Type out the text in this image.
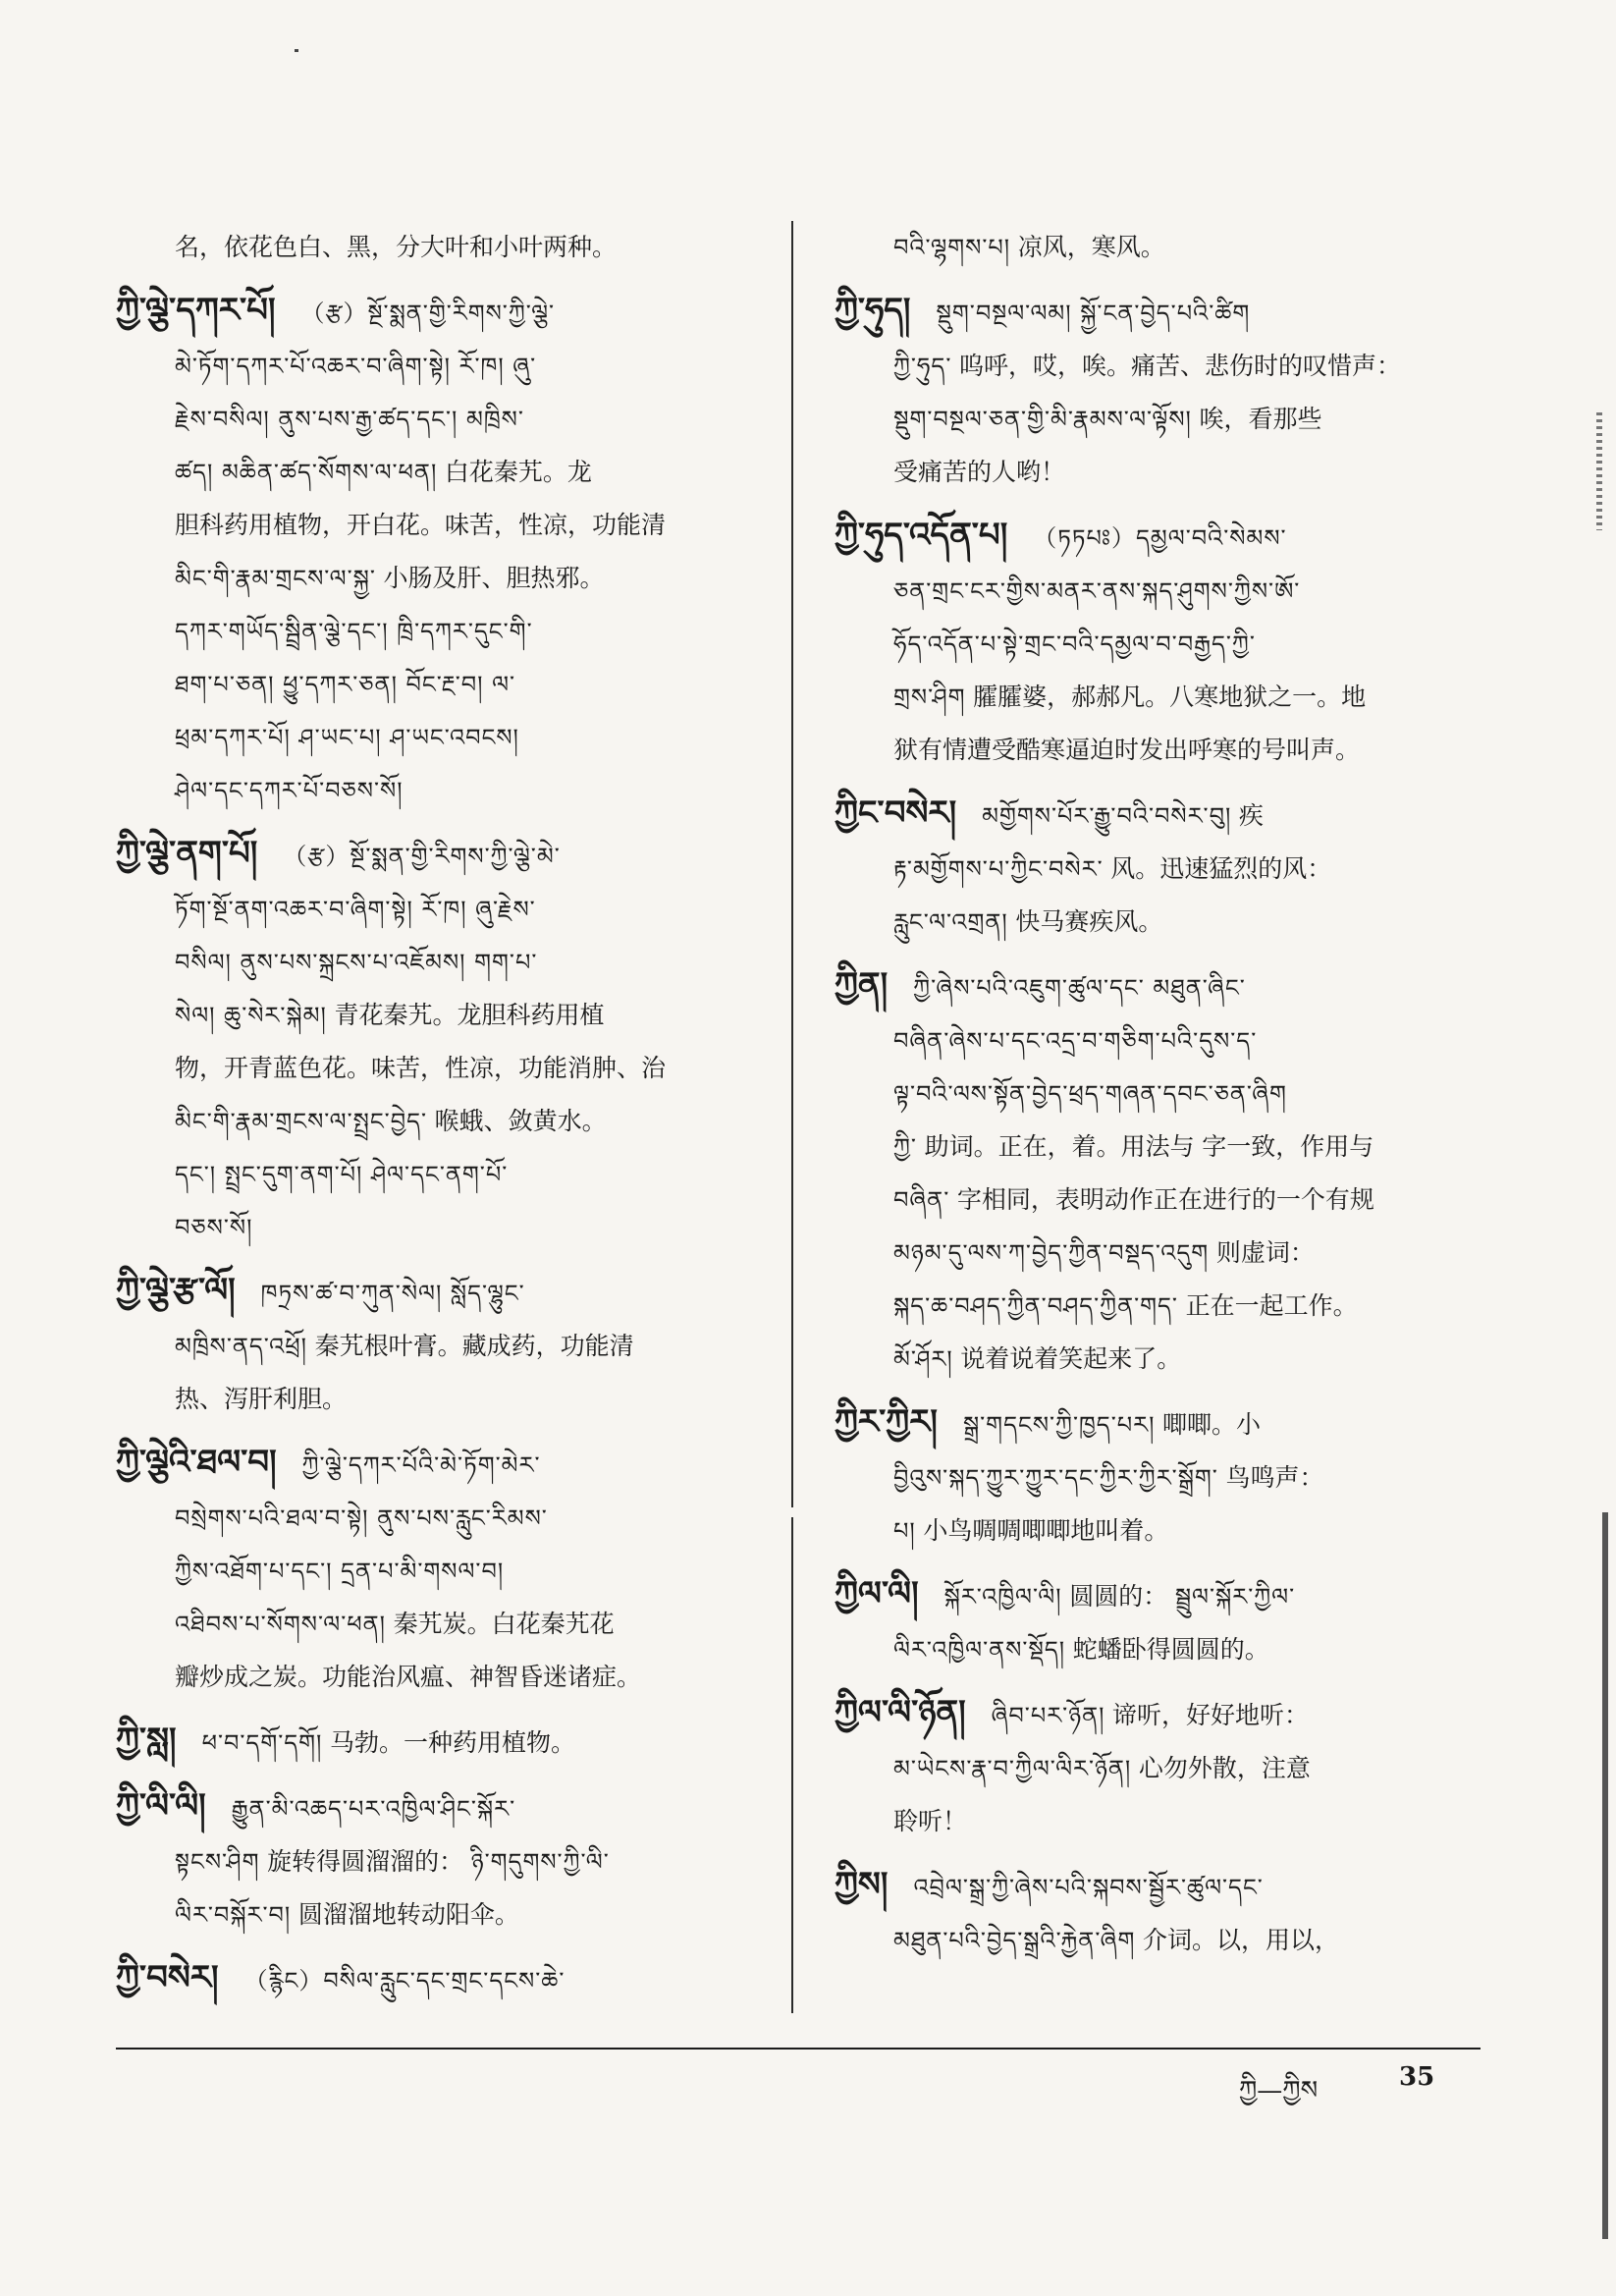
名，依花色白、黑，分大叶和小叶两种。
ཀྱི་ལྕེ་དཀར་པོ། （རྩ）སྔོ་སྨན་གྱི་རིགས་ཀྱི་ལྕེ་
མེ་ཏོག་དཀར་པོ་འཆར་བ་ཞིག་སྟེ། རོ་ཁ། ཞུ་
རྗེས་བསིལ། ནུས་པས་རྒྱ་ཚད་དང་། མཁྲིས་
ཚད། མཆིན་ཚད་སོགས་ལ་ཕན། 白花秦艽。龙
胆科药用植物，开白花。味苦，性凉，功能清
མིང་གི་རྣམ་གྲངས་ལ་སྐྱ་ 小肠及肝、胆热邪。
དཀར་གཡོད་སྦྲིན་ལྕེ་དང་། ཁྲི་དཀར་དུང་གི་
ཐག་པ་ཅན། ཕྱུ་དཀར་ཅན། བོང་རྔ་བ། ལ་
ཕྲམ་དཀར་པོ། ཤ་ཡང་པ། ཤ་ཡང་འབངས།
ཤེལ་དང་དཀར་པོ་བཅས་སོ།
ཀྱི་ལྕེ་ནག་པོ། （རྩ）སྔོ་སྨན་གྱི་རིགས་ཀྱི་ལྕེ་མེ་
ཏོག་སྔོ་ནག་འཆར་བ་ཞིག་སྟེ། རོ་ཁ། ཞུ་རྗེས་
བསིལ། ནུས་པས་སྐྲངས་པ་འཇོམས། གག་པ་
སེལ། ཆུ་སེར་སྐེམ། 青花秦艽。龙胆科药用植
物，开青蓝色花。味苦，性凉，功能消肿、治
མིང་གི་རྣམ་གྲངས་ལ་སྤྲང་བྱེད་ 喉蛾、敛黄水。
དང་། སྤྲང་དུག་ནག་པོ། ཤེལ་དང་ནག་པོ་
བཅས་སོ།
ཀྱི་ལྕེ་རྩ་ལོ། ཁཏྲས་ཚ་བ་ཀུན་སེལ། སློད་ལྷུང་
མཁྲིས་ནད་འཕྲོ། 秦艽根叶膏。藏成药，功能清
热、泻肝利胆。
ཀྱི་ལྕེའི་ཐལ་བ། ཀྱི་ལྕེ་དཀར་པོའི་མེ་ཏོག་མེར་
བསྲེགས་པའི་ཐལ་བ་སྟེ། ནུས་པས་རླུང་རིམས་
ཀྱིས་འཐོག་པ་དང་། དྲན་པ་མི་གསལ་བ།
འཐིབས་པ་སོགས་ལ་ཕན། 秦艽炭。白花秦艽花
瓣炒成之炭。功能治风瘟、神智昏迷诸症。
ཀྱི་སླ། ཕ་བ་དགོ་དགོ། 马勃。一种药用植物。
ཀྱི་ལི་ལི། རྒྱུན་མི་འཆད་པར་འཁྱིལ་ཤིང་སྐོར་
སྟངས་ཤིག 旋转得圆溜溜的： ཉི་གདུགས་ཀྱི་ལི་
ལིར་བསྐོར་བ། 圆溜溜地转动阳伞。
ཀྱི་བསེར། （རྙིང）བསིལ་རླུང་དང་གྲང་དངས་ཆེ་
བའི་ལྷགས་པ། 凉风，寒风。
ཀྱི་ཧུད། སྡུག་བསྔལ་ལམ། སྐྱོ་ངན་བྱེད་པའི་ཚིག
ཀྱི་ཧུད་ 呜呼，哎，唉。痛苦、悲伤时的叹惜声：
སྡུག་བསྔལ་ཅན་གྱི་མི་རྣམས་ལ་ལྟོས། 唉，看那些
受痛苦的人哟！
ཀྱི་ཧུད་འདོན་པ། （ཏཏཔཿ）དམྱལ་བའི་སེམས་
ཅན་གྲང་ངར་གྱིས་མནར་ནས་སྐད་ཤུགས་ཀྱིས་ཨོ་
ཧོད་འདོན་པ་སྟེ་གྲང་བའི་དམྱལ་བ་བརྒྱད་ཀྱི་
གྲས་ཤིག 臛臛婆，郝郝凡。八寒地狱之一。地
狱有情遭受酷寒逼迫时发出呼寒的号叫声。
ཀྱིང་བསེར། མགྱོགས་པོར་རྒྱུ་བའི་བསེར་བུ། 疾
རྟ་མགྱོགས་པ་ཀྱིང་བསེར་ 风。迅速猛烈的风：
རླུང་ལ་འགྲན། 快马赛疾风。
ཀྱིན། ཀྱི་ཞེས་པའི་འཇུག་ཚུལ་དང་ མཐུན་ཞིང་
བཞིན་ཞེས་པ་དང་འདྲ་བ་གཅིག་པའི་དུས་ད་
ལྟ་བའི་ལས་སྟོན་བྱེད་ཕྲད་གཞན་དབང་ཅན་ཞིག
ཀྱི་ 助词。正在，着。用法与 字一致，作用与
བཞིན་ 字相同，表明动作正在进行的一个有规
མཉམ་དུ་ལས་ཀ་བྱེད་ཀྱིན་བསྡད་འདུག 则虚词：
སྐད་ཆ་བཤད་ཀྱིན་བཤད་ཀྱིན་གད་ 正在一起工作。
མོ་ཤོར། 说着说着笑起来了。
ཀྱིར་ཀྱིར། སྒྲ་གདངས་ཀྱི་ཁྱད་པར། 唧唧。小
བྱིའུས་སྐད་ཀྱུར་ཀྱུར་དང་ཀྱིར་ཀྱིར་སྒྲོག་ 鸟鸣声：
པ། 小鸟啁啁唧唧地叫着。
ཀྱིལ་ལི། སྐོར་འཁྱིལ་ལི། 圆圆的： སྦྲུལ་སྐོར་ཀྱིལ་
ལིར་འཁྱིལ་ནས་སྡོད། 蛇蟠卧得圆圆的。
ཀྱིལ་ལི་ཉོན། ཞིབ་པར་ཉོན། 谛听，好好地听：
མ་ཡེངས་རྣ་བ་ཀྱིལ་ལིར་ཉོན། 心勿外散，注意
聆听！
ཀྱིས། འབྲེལ་སྒྲ་ཀྱི་ཞེས་པའི་སྐབས་སྦྱོར་ཚུལ་དང་
མཐུན་པའི་བྱེད་སྒྲའི་རྐྱེན་ཞིག 介词。以，用以，
ཀྱི—ཀྱིས	35
